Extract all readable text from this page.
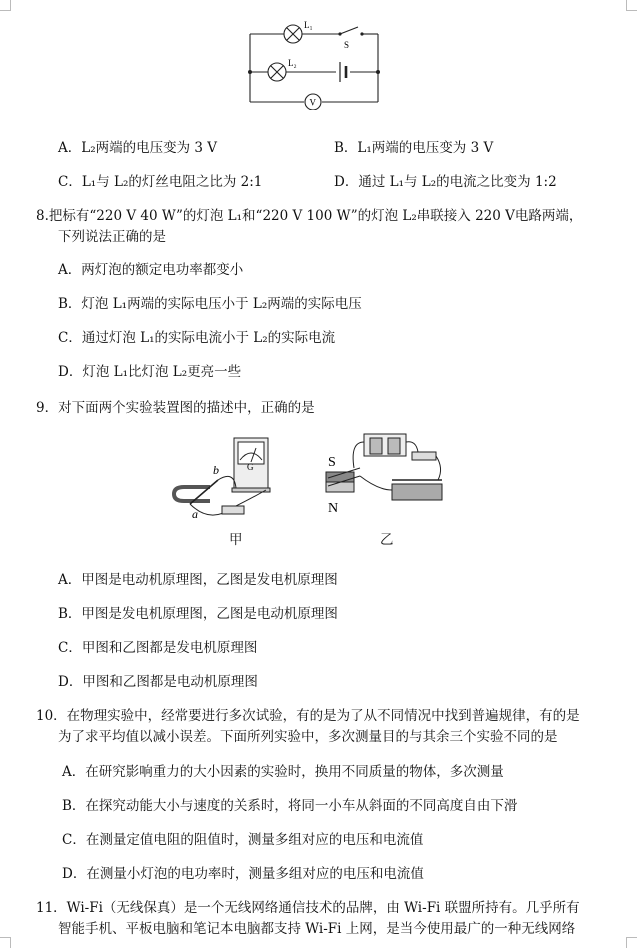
L₁
S
L₂
V
A．L₂两端的电压变为 3 V	B．L₁两端的电压变为 3 V
C．L₁与 L₂的灯丝电阻之比为 2:1	D．通过 L₁与 L₂的电流之比变为 1:2
8.把标有“220 V 40 W”的灯泡 L₁和“220 V 100 W”的灯泡 L₂串联接入 220 V电路两端，
下列说法正确的是
A．两灯泡的额定电功率都变小
B．灯泡 L₁两端的实际电压小于 L₂两端的实际电压
C．通过灯泡 L₁的实际电流小于 L₂的实际电流
D．灯泡 L₁比灯泡 L₂更亮一些
9．对下面两个实验装置图的描述中，正确的是
G
b
a
甲
S
N
乙
A．甲图是电动机原理图，乙图是发电机原理图
B．甲图是发电机原理图，乙图是电动机原理图
C．甲图和乙图都是发电机原理图
D．甲图和乙图都是电动机原理图
10．在物理实验中，经常要进行多次试验，有的是为了从不同情况中找到普遍规律，有的是
为了求平均值以减小误差。下面所列实验中，多次测量目的与其余三个实验不同的是
A．在研究影响重力的大小因素的实验时，换用不同质量的物体，多次测量
B．在探究动能大小与速度的关系时，将同一小车从斜面的不同高度自由下滑
C．在测量定值电阻的阻值时，测量多组对应的电压和电流值
D．在测量小灯泡的电功率时，测量多组对应的电压和电流值
11．Wi-Fi（无线保真）是一个无线网络通信技术的品牌，由 Wi-Fi 联盟所持有。几乎所有
智能手机、平板电脑和笔记本电脑都支持 Wi-Fi 上网，是当今使用最广的一种无线网络
